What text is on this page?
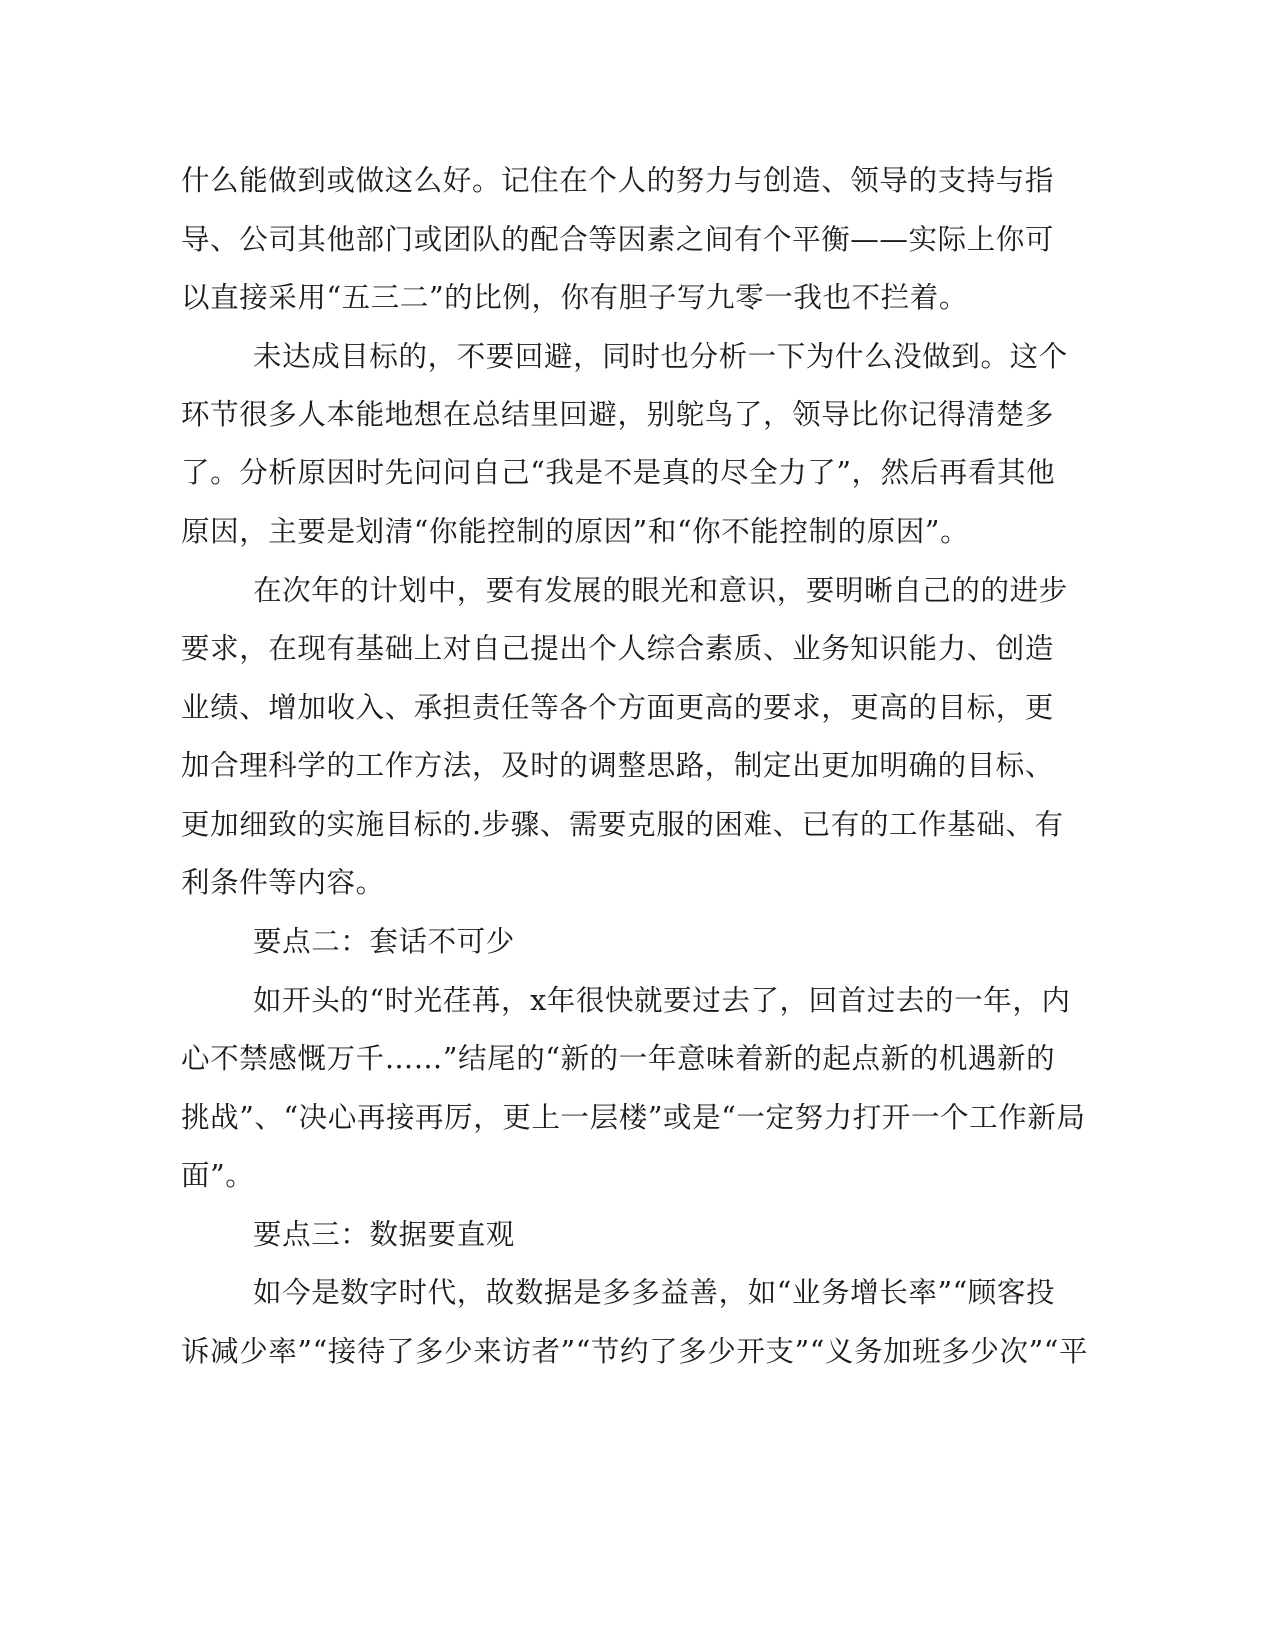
什么能做到或做这么好。记住在个人的努力与创造、领导的支持与指
导、公司其他部门或团队的配合等因素之间有个平衡——实际上你可
以直接采用“五三二”的比例，你有胆子写九零一我也不拦着。
未达成目标的，不要回避，同时也分析一下为什么没做到。这个
环节很多人本能地想在总结里回避，别鸵鸟了，领导比你记得清楚多
了。分析原因时先问问自己“我是不是真的尽全力了”，然后再看其他
原因，主要是划清“你能控制的原因”和“你不能控制的原因”。
在次年的计划中，要有发展的眼光和意识，要明晰自己的的进步
要求，在现有基础上对自己提出个人综合素质、业务知识能力、创造
业绩、增加收入、承担责任等各个方面更高的要求，更高的目标，更
加合理科学的工作方法，及时的调整思路，制定出更加明确的目标、
更加细致的实施目标的.步骤、需要克服的困难、已有的工作基础、有
利条件等内容。
要点二：套话不可少
如开头的“时光荏苒，x年很快就要过去了，回首过去的一年，内
心不禁感慨万千……”结尾的“新的一年意味着新的起点新的机遇新的
挑战”、“决心再接再厉，更上一层楼”或是“一定努力打开一个工作新局
面”。
要点三：数据要直观
如今是数字时代，故数据是多多益善，如“业务增长率”“顾客投
诉减少率”“接待了多少来访者”“节约了多少开支”“义务加班多少次”“平
